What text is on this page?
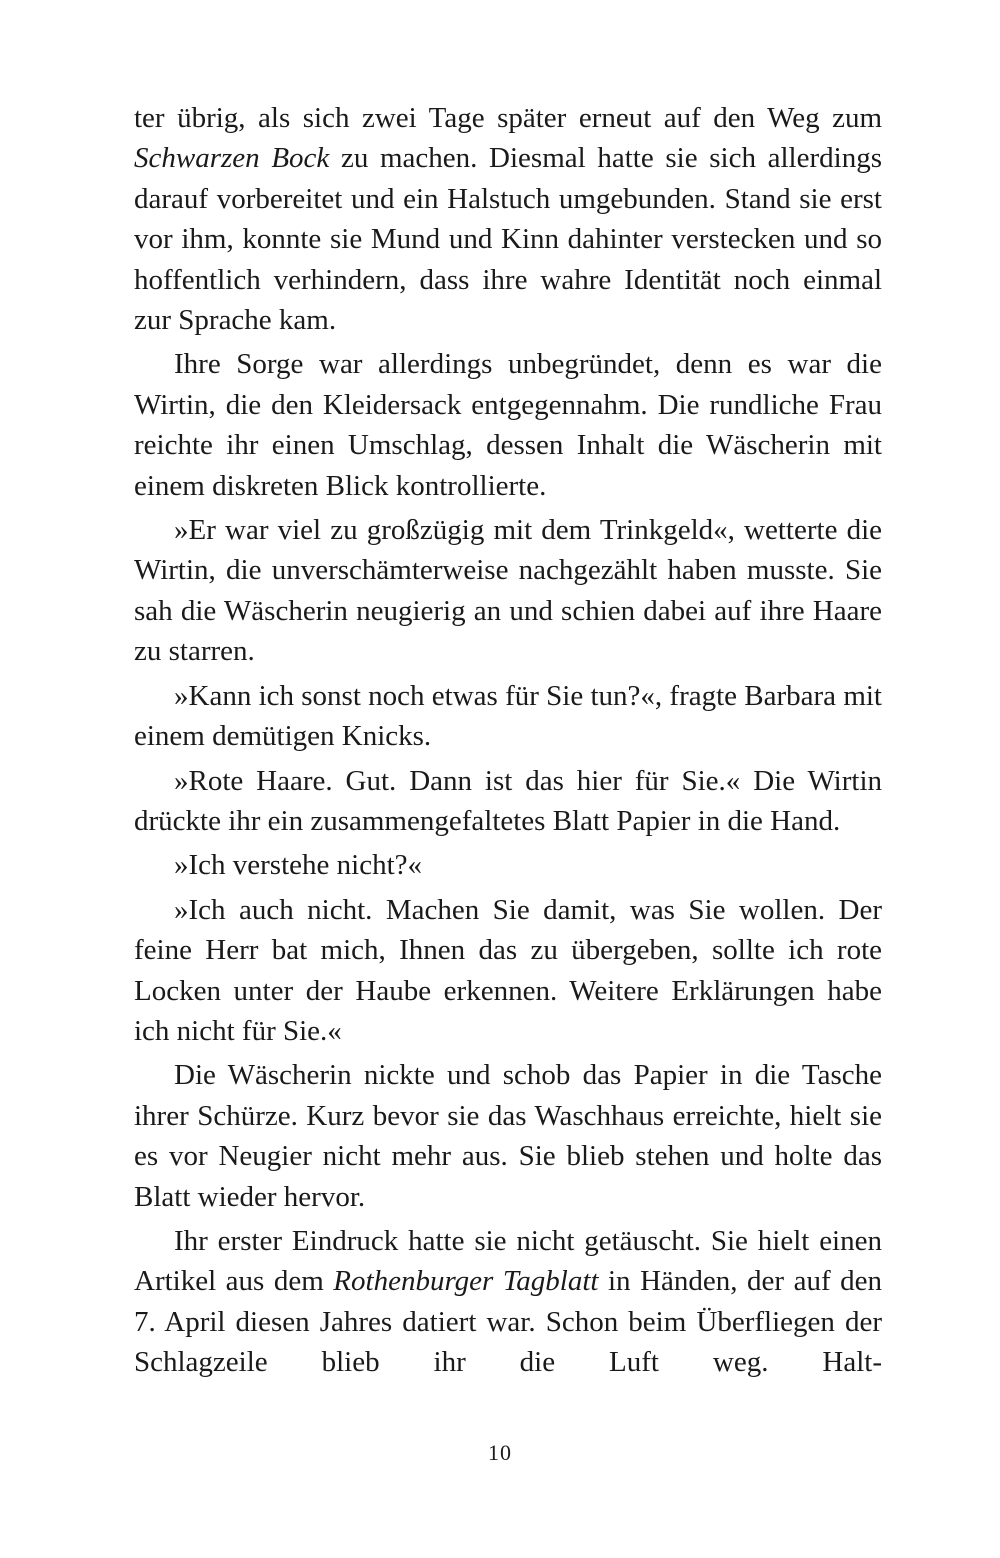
ter übrig, als sich zwei Tage später erneut auf den Weg zum Schwarzen Bock zu machen. Diesmal hatte sie sich allerdings darauf vorbereitet und ein Halstuch umgebunden. Stand sie erst vor ihm, konnte sie Mund und Kinn dahinter verstecken und so hoffentlich verhindern, dass ihre wahre Identität noch einmal zur Sprache kam.

Ihre Sorge war allerdings unbegründet, denn es war die Wirtin, die den Kleidersack entgegennahm. Die rundliche Frau reichte ihr einen Umschlag, dessen Inhalt die Wäscherin mit einem diskreten Blick kontrollierte.

»Er war viel zu großzügig mit dem Trinkgeld«, wetterte die Wirtin, die unverschämterweise nachgezählt haben musste. Sie sah die Wäscherin neugierig an und schien dabei auf ihre Haare zu starren.

»Kann ich sonst noch etwas für Sie tun?«, fragte Barbara mit einem demütigen Knicks.

»Rote Haare. Gut. Dann ist das hier für Sie.« Die Wirtin drückte ihr ein zusammengefaltetes Blatt Papier in die Hand.

»Ich verstehe nicht?«

»Ich auch nicht. Machen Sie damit, was Sie wollen. Der feine Herr bat mich, Ihnen das zu übergeben, sollte ich rote Locken unter der Haube erkennen. Weitere Erklärungen habe ich nicht für Sie.«

Die Wäscherin nickte und schob das Papier in die Tasche ihrer Schürze. Kurz bevor sie das Waschhaus erreichte, hielt sie es vor Neugier nicht mehr aus. Sie blieb stehen und holte das Blatt wieder hervor.

Ihr erster Eindruck hatte sie nicht getäuscht. Sie hielt einen Artikel aus dem Rothenburger Tagblatt in Händen, der auf den 7. April diesen Jahres datiert war. Schon beim Überfliegen der Schlagzeile blieb ihr die Luft weg. Halt-

10
